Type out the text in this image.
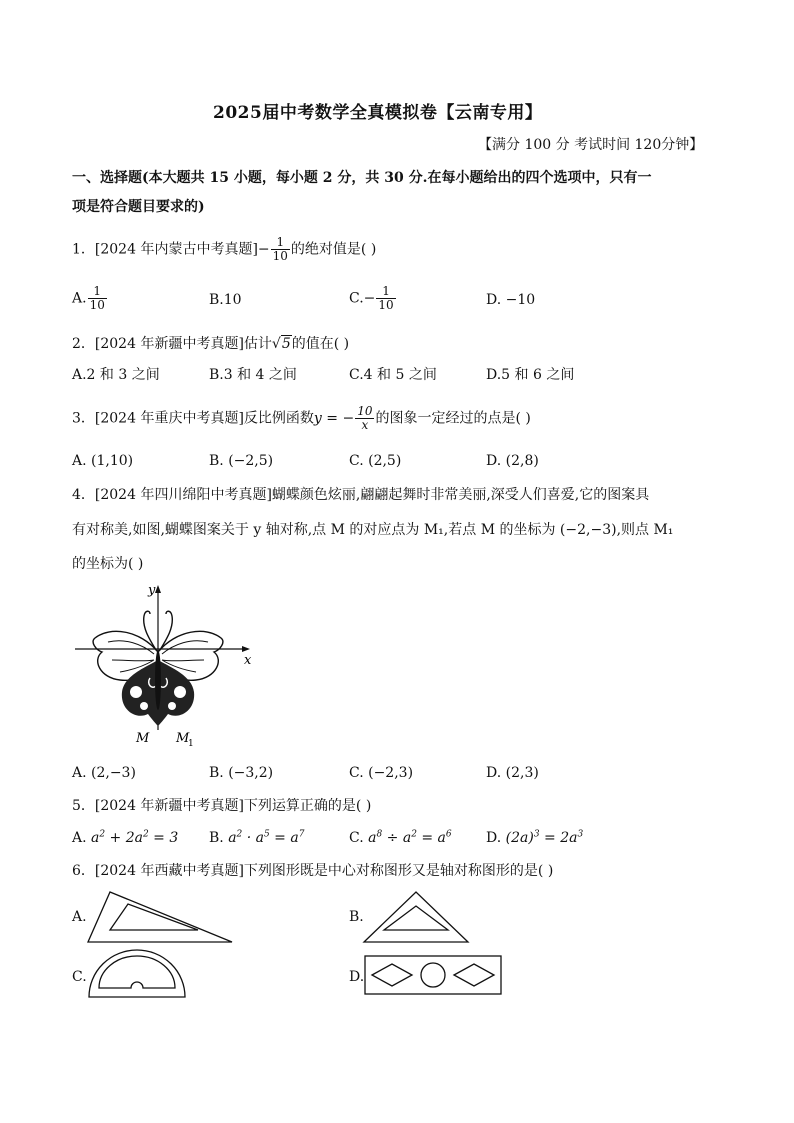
2025届中考数学全真模拟卷【云南专用】
【满分 100 分 考试时间 120分钟】
一、选择题(本大题共 15 小题，每小题 2 分，共 30 分.在每小题给出的四个选项中，只有一
项是符合题目要求的)
1．[2024 年内蒙古中考真题]− $\frac{1}{10}$ 的绝对值是( )
A. $\frac{1}{10}$	B.10	$C.- \frac{1}{10}$	D. −10
2．[2024 年新疆中考真题]估计√5的值在( )
A.2 和 3 之间	B.3 和 4 之间	C.4 和 5 之间	D.5 和 6 之间
3．[2024 年重庆中考真题]反比例函数y = − $\frac{10}{x}$ 的图象一定经过的点是( )
A. (1,10)	B. (−2,5)	C. (2,5)	D. (2,8)
4．[2024 年四川绵阳中考真题]蝴蝶颜色炫丽,翩翩起舞时非常美丽,深受人们喜爱,它的图案具
有对称美,如图,蝴蝶图案关于 y 轴对称,点 M 的对应点为 M₁,若点 M 的坐标为 (−2,−3),则点 M₁
的坐标为( )
y
x
M M
1
A. (2,−3)	B. (−3,2)	C. (−2,3)	D. (2,3)
5．[2024 年新疆中考真题]下列运算正确的是( )
A. $a^2 + 2a^2 = 3$ B. $a^2 \cdot a^5 = a^7$	C. $a^8 \div a^2 = a^6$ D. $(2a)^3 = 2a^3$
6．[2024 年西藏中考真题]下列图形既是中心对称图形又是轴对称图形的是( )
A.	B.
C.	D.
